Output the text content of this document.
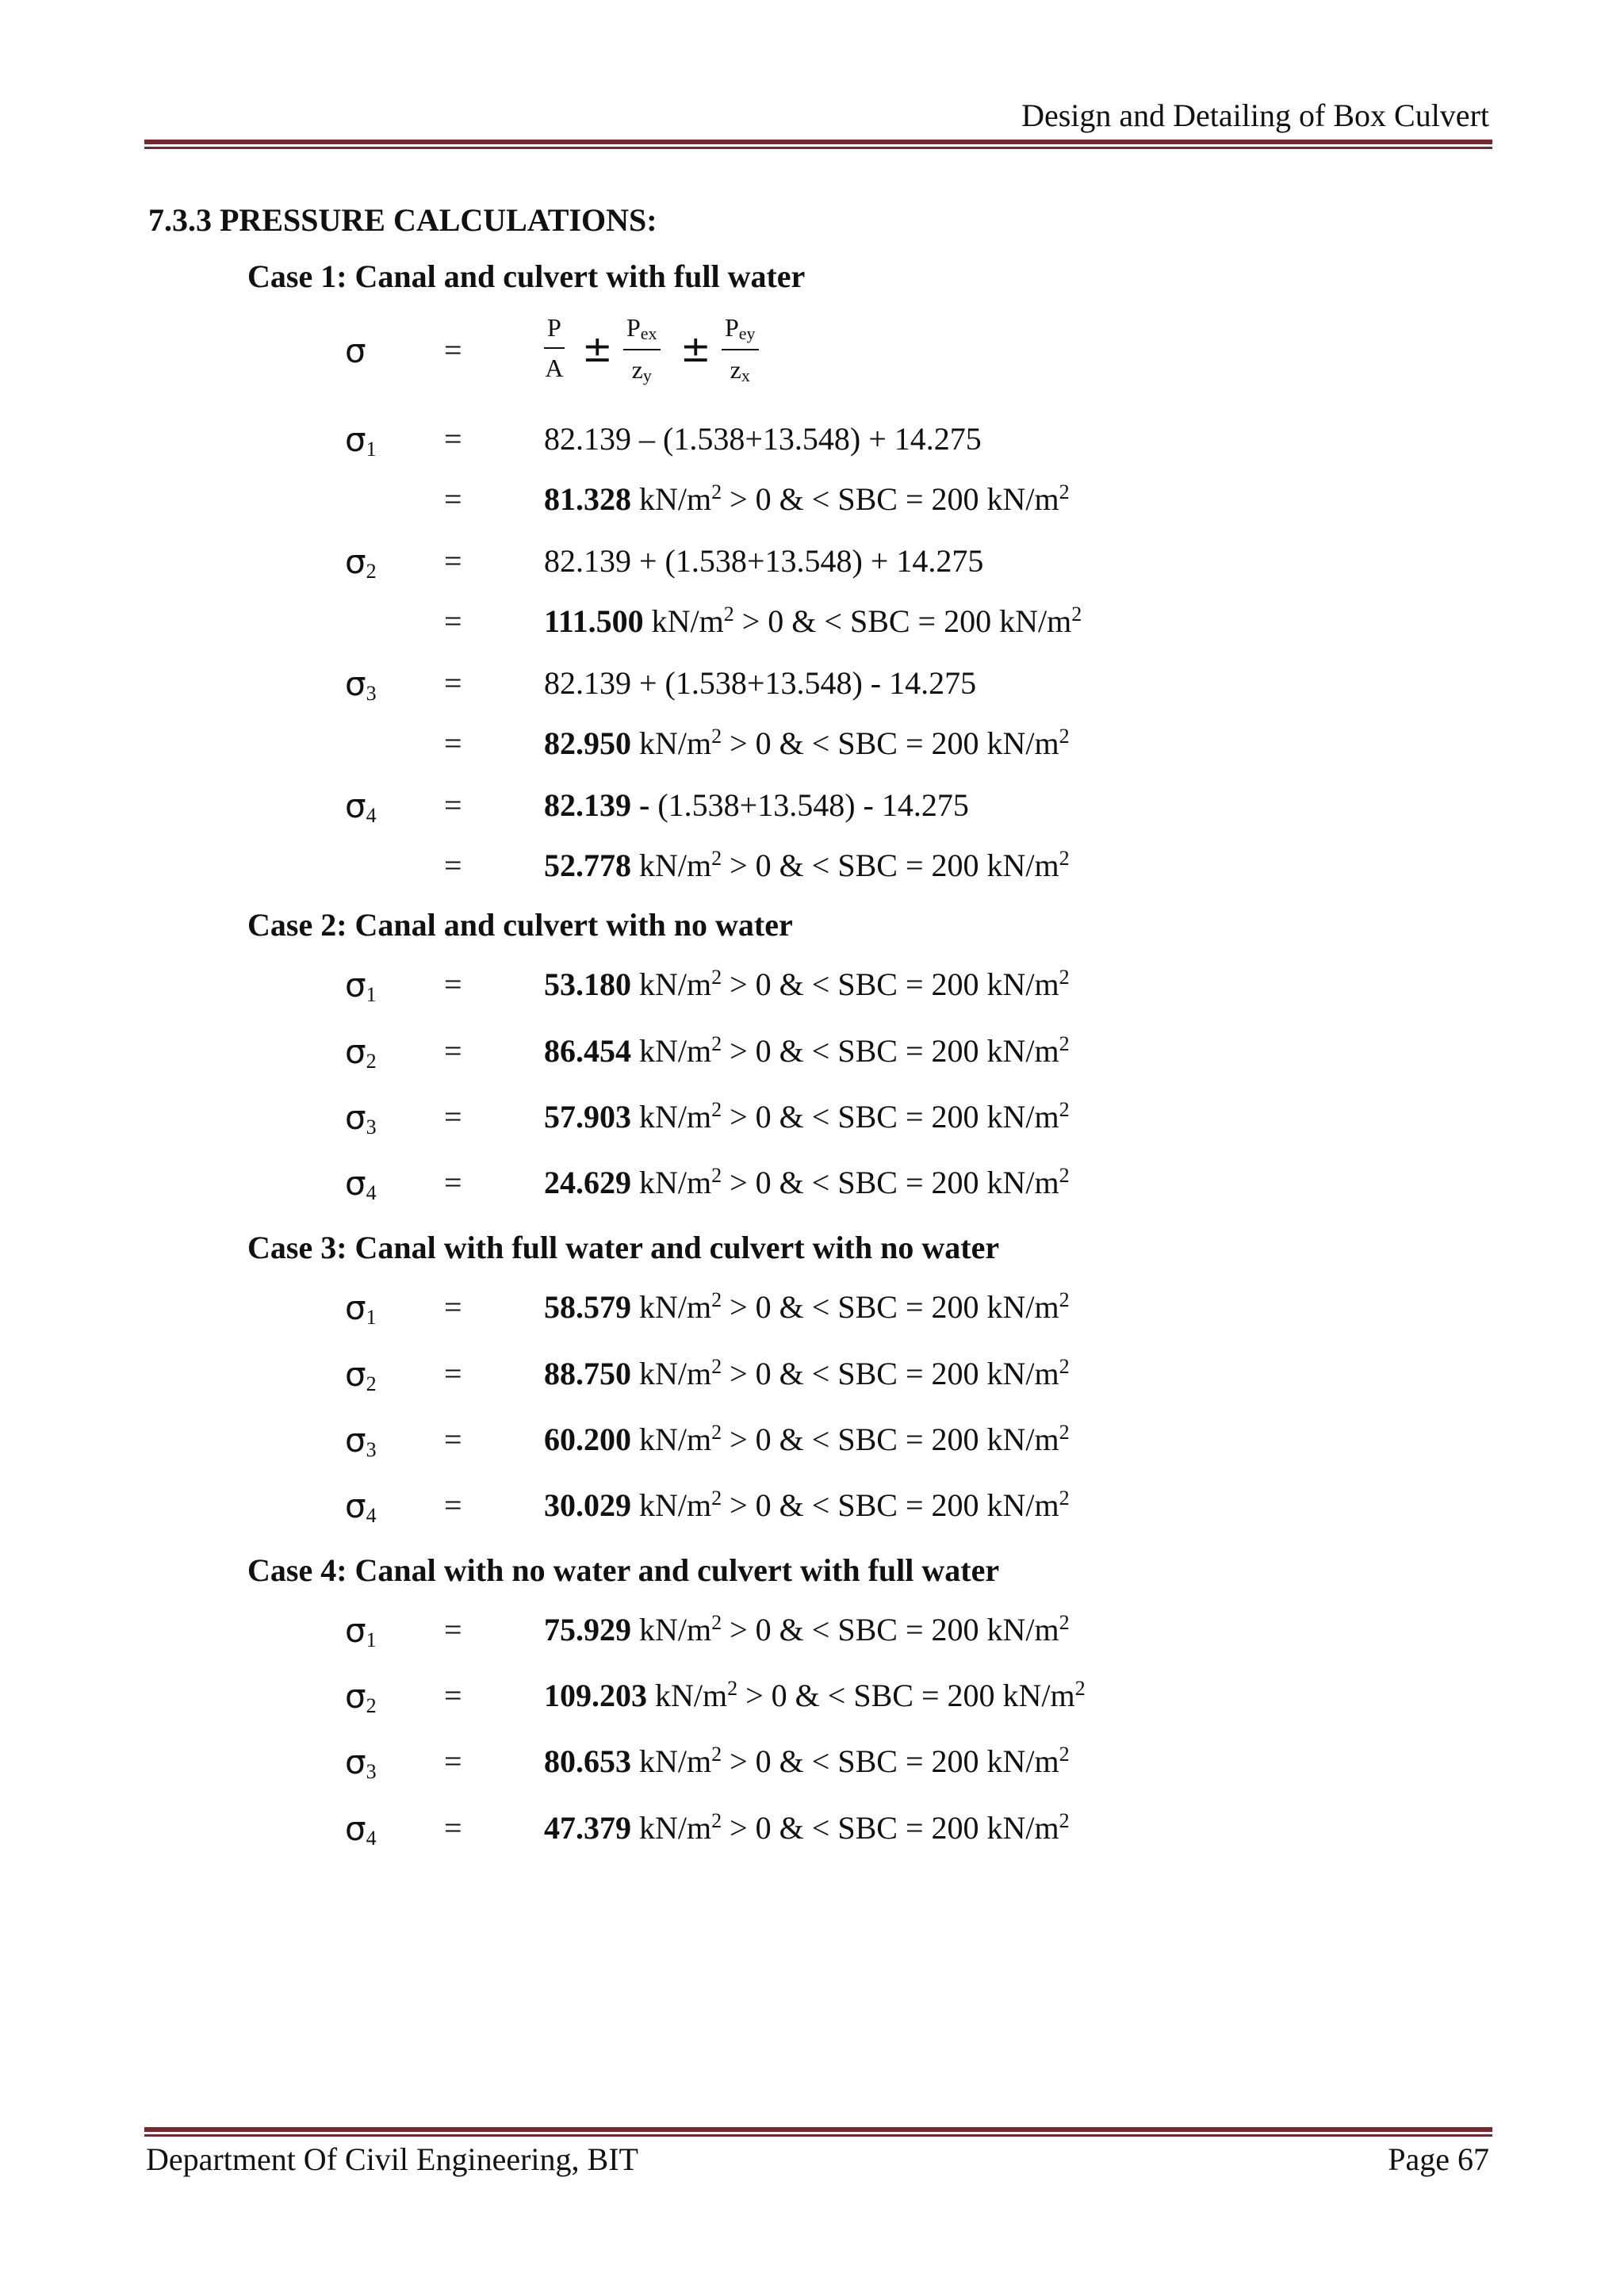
Design and Detailing of Box Culvert
7.3.3 PRESSURE CALCULATIONS:
Case 1: Canal and culvert with full water
σ =	$\frac{P}{A} \pm P_{ex}$
$z_y$
± $P_{ey}$
$z_x$
$\sigma_1$ =	82.139 – (1.538+13.548) + 14.275
=	81.328 $kN/m^2 > 0$ & < SBC = 200 $kN/m^2$
$\sigma_2$ =	82.139 + (1.538+13.548) + 14.275
=	111.500 $kN/m^2 > 0$ & < SBC = 200 $kN/m^2$
$\sigma_3$ =	82.139 + (1.538+13.548) - 14.275
=	82.950 $kN/m^2 > 0$ & < SBC = 200 $kN/m^2$
$\sigma_4$ =	82.139 - (1.538+13.548) - 14.275
=	52.778 $kN/m^2 > 0$ & < SBC = 200 $kN/m^2$
Case 2: Canal and culvert with no water
$\sigma_1$ =	53.180 $kN/m^2 > 0$ & < SBC = 200 $kN/m^2$
$\sigma_2$ =	86.454 $kN/m^2 > 0$ & < SBC = 200 $kN/m^2$
$\sigma_3$ =	57.903 $kN/m^2 > 0$ & < SBC = 200 $kN/m^2$
$\sigma_4$ =	24.629 $kN/m^2 > 0$ & < SBC = 200 $kN/m^2$
Case 3: Canal with full water and culvert with no water
$\sigma_1$ =	58.579 $kN/m^2 > 0$ & < SBC = 200 $kN/m^2$
$\sigma_2$ =	88.750 $kN/m^2 > 0$ & < SBC = 200 $kN/m^2$
$\sigma_3$ =	60.200 $kN/m^2 > 0$ & < SBC = 200 $kN/m^2$
$\sigma_4$ =	30.029 $kN/m^2 > 0$ & < SBC = 200 $kN/m^2$
Case 4: Canal with no water and culvert with full water
$\sigma_1$ =	75.929 $kN/m^2 > 0$ & < SBC = 200 $kN/m^2$
$\sigma_2$ =	109.203 $kN/m^2 > 0$ & < SBC = 200 $kN/m^2$
$\sigma_3$ =	80.653 $kN/m^2 > 0$ & < SBC = 200 $kN/m^2$
$\sigma_4$ =	47.379 $kN/m^2 > 0$ & < SBC = 200 $kN/m^2$
Department Of Civil Engineering, BIT	Page 67
